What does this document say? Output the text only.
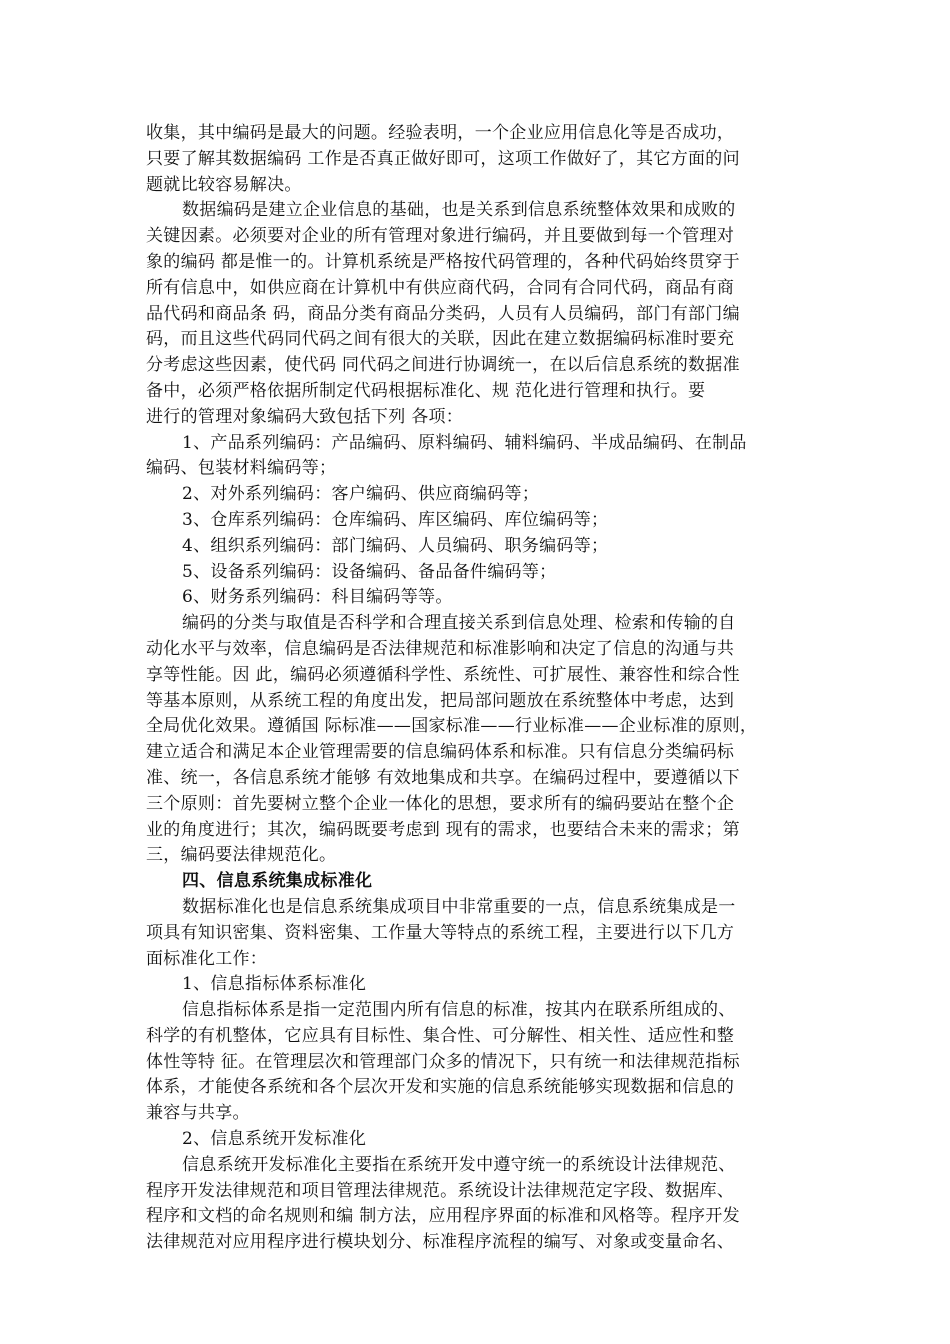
收集，其中编码是最大的问题。经验表明，一个企业应用信息化等是否成功，
只要了解其数据编码 工作是否真正做好即可，这项工作做好了，其它方面的问
题就比较容易解决。
数据编码是建立企业信息的基础，也是关系到信息系统整体效果和成败的
关键因素。必须要对企业的所有管理对象进行编码，并且要做到每一个管理对
象的编码 都是惟一的。计算机系统是严格按代码管理的，各种代码始终贯穿于
所有信息中，如供应商在计算机中有供应商代码，合同有合同代码，商品有商
品代码和商品条 码，商品分类有商品分类码，人员有人员编码，部门有部门编
码，而且这些代码同代码之间有很大的关联，因此在建立数据编码标准时要充
分考虑这些因素，使代码 同代码之间进行协调统一，在以后信息系统的数据准
备中，必须严格依据所制定代码根据标准化、规 范化进行管理和执行。要
进行的管理对象编码大致包括下列 各项：
1、产品系列编码：产品编码、原料编码、辅料编码、半成品编码、在制品
编码、包装材料编码等；
2、对外系列编码：客户编码、供应商编码等；
3、仓库系列编码：仓库编码、库区编码、库位编码等；
4、组织系列编码：部门编码、人员编码、职务编码等；
5、设备系列编码：设备编码、备品备件编码等；
6、财务系列编码：科目编码等等。
编码的分类与取值是否科学和合理直接关系到信息处理、检索和传输的自
动化水平与效率，信息编码是否法律规范和标准影响和决定了信息的沟通与共
享等性能。因 此，编码必须遵循科学性、系统性、可扩展性、兼容性和综合性
等基本原则，从系统工程的角度出发，把局部问题放在系统整体中考虑，达到
全局优化效果。遵循国 际标准——国家标准——行业标准——企业标准的原则，
建立适合和满足本企业管理需要的信息编码体系和标准。只有信息分类编码标
准、统一，各信息系统才能够 有效地集成和共享。在编码过程中，要遵循以下
三个原则：首先要树立整个企业一体化的思想，要求所有的编码要站在整个企
业的角度进行；其次，编码既要考虑到 现有的需求，也要结合未来的需求；第
三，编码要法律规范化。
四、信息系统集成标准化
数据标准化也是信息系统集成项目中非常重要的一点，信息系统集成是一
项具有知识密集、资料密集、工作量大等特点的系统工程，主要进行以下几方
面标准化工作：
1、信息指标体系标准化
信息指标体系是指一定范围内所有信息的标准，按其内在联系所组成的、
科学的有机整体，它应具有目标性、集合性、可分解性、相关性、适应性和整
体性等特 征。在管理层次和管理部门众多的情况下，只有统一和法律规范指标
体系，才能使各系统和各个层次开发和实施的信息系统能够实现数据和信息的
兼容与共享。
2、信息系统开发标准化
信息系统开发标准化主要指在系统开发中遵守统一的系统设计法律规范、
程序开发法律规范和项目管理法律规范。系统设计法律规范定字段、数据库、
程序和文档的命名规则和编 制方法，应用程序界面的标准和风格等。程序开发
法律规范对应用程序进行模块划分、标准程序流程的编写、对象或变量命名、
